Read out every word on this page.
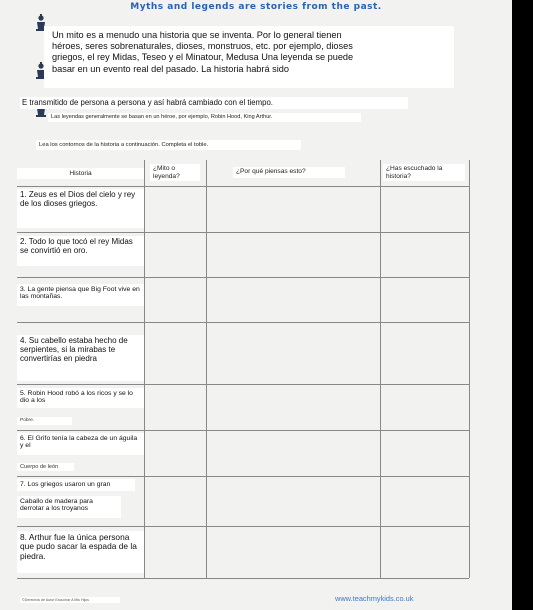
Myths and legends are stories from the past.
Un mito es a menudo una historia que se inventa. Por lo general tienen
héroes, seres sobrenaturales, dioses, monstruos, etc. por ejemplo, dioses
griegos, el rey Midas, Teseo y el Minatour, Medusa Una leyenda se puede
basar en un evento real del pasado. La historia habrá sido
E transmitido de persona a persona y así habrá cambiado con el tiempo.
Las leyendas generalmente se basan en un héroe, por ejemplo, Robin Hood, King Arthur.
Lea los contornos de la historia a continuación. Completa el toble.
Historia
¿Mito o leyenda?
¿Por qué piensas esto?	¿Has escuchado la historia?
1. Zeus es el Dios del cielo y rey de los dioses griegos.
2. Todo lo que tocó el rey Midas se convirtió en oro.
3. La gente piensa que Big Foot vive en las montañas.
4. Su cabello estaba hecho de serpientes, si la mirabas te convertirías en piedra
5. Robin Hood robó a los ricos y se lo dio a los
Pobre.
6. El Grifo tenía la cabeza de un águila y el
Cuerpo de león
7. Los griegos usaron un gran
Caballo de madera para derrotar a los troyanos
8. Arthur fue la única persona que pudo sacar la espada de la piedra.
©Derechos de Autor Escuchar A Mis Hijos	www.teachmykids.co.uk
